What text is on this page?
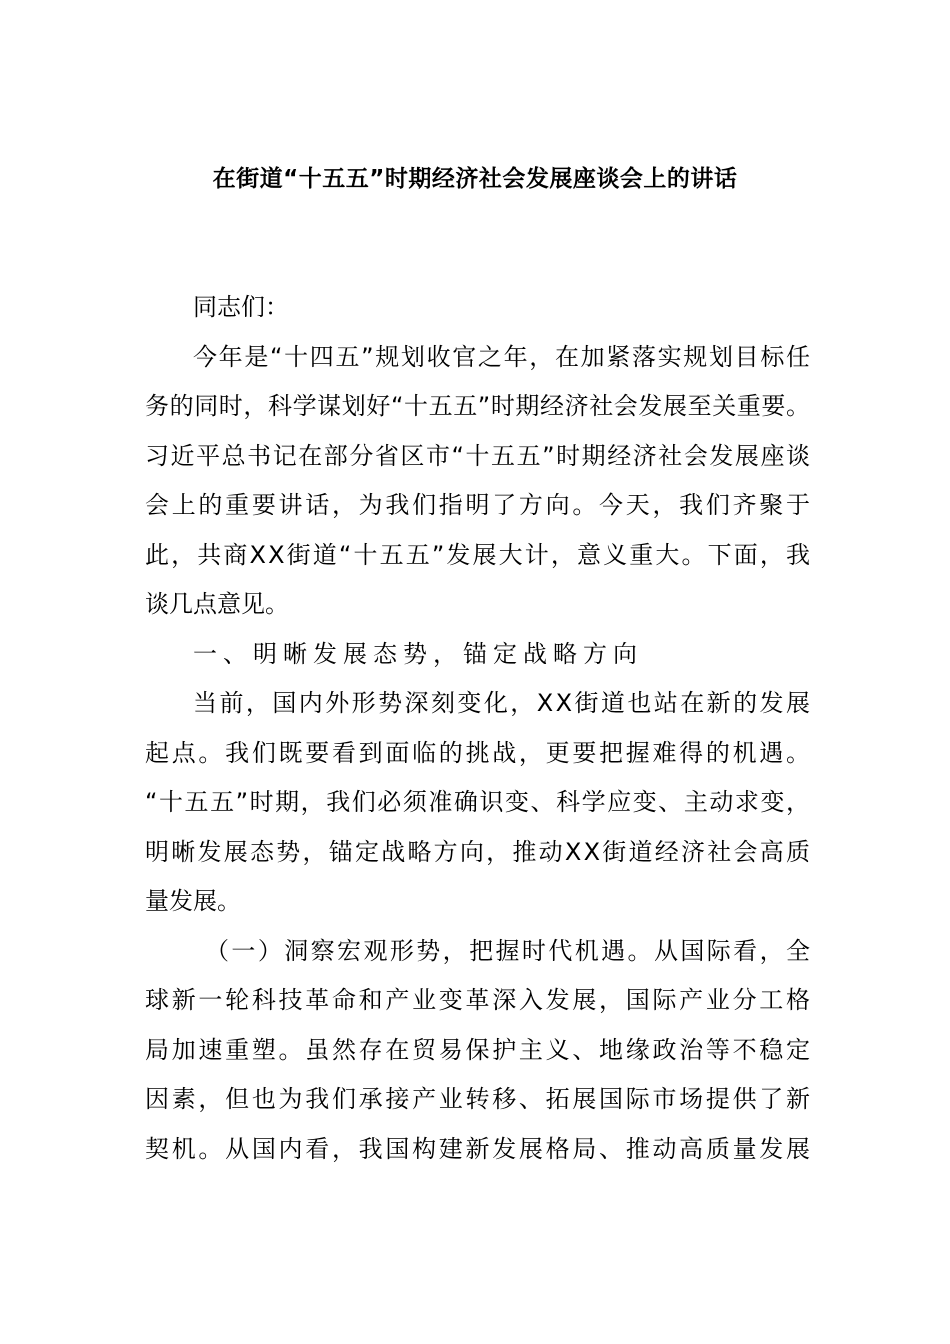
在街道“十五五”时期经济社会发展座谈会上的讲话
同志们：
今年是“十四五”规划收官之年，在加紧落实规划目标任
务的同时，科学谋划好“十五五”时期经济社会发展至关重要。
习近平总书记在部分省区市“十五五”时期经济社会发展座谈
会上的重要讲话，为我们指明了方向。今天，我们齐聚于
此，共商XX街道“十五五”发展大计，意义重大。下面，我
谈几点意见。
一、明晰发展态势，锚定战略方向
当前，国内外形势深刻变化，XX街道也站在新的发展
起点。我们既要看到面临的挑战，更要把握难得的机遇。
“十五五”时期，我们必须准确识变、科学应变、主动求变，
明晰发展态势，锚定战略方向，推动XX街道经济社会高质
量发展。
（一）洞察宏观形势，把握时代机遇。从国际看，全
球新一轮科技革命和产业变革深入发展，国际产业分工格
局加速重塑。虽然存在贸易保护主义、地缘政治等不稳定
因素，但也为我们承接产业转移、拓展国际市场提供了新
契机。从国内看，我国构建新发展格局、推动高质量发展
